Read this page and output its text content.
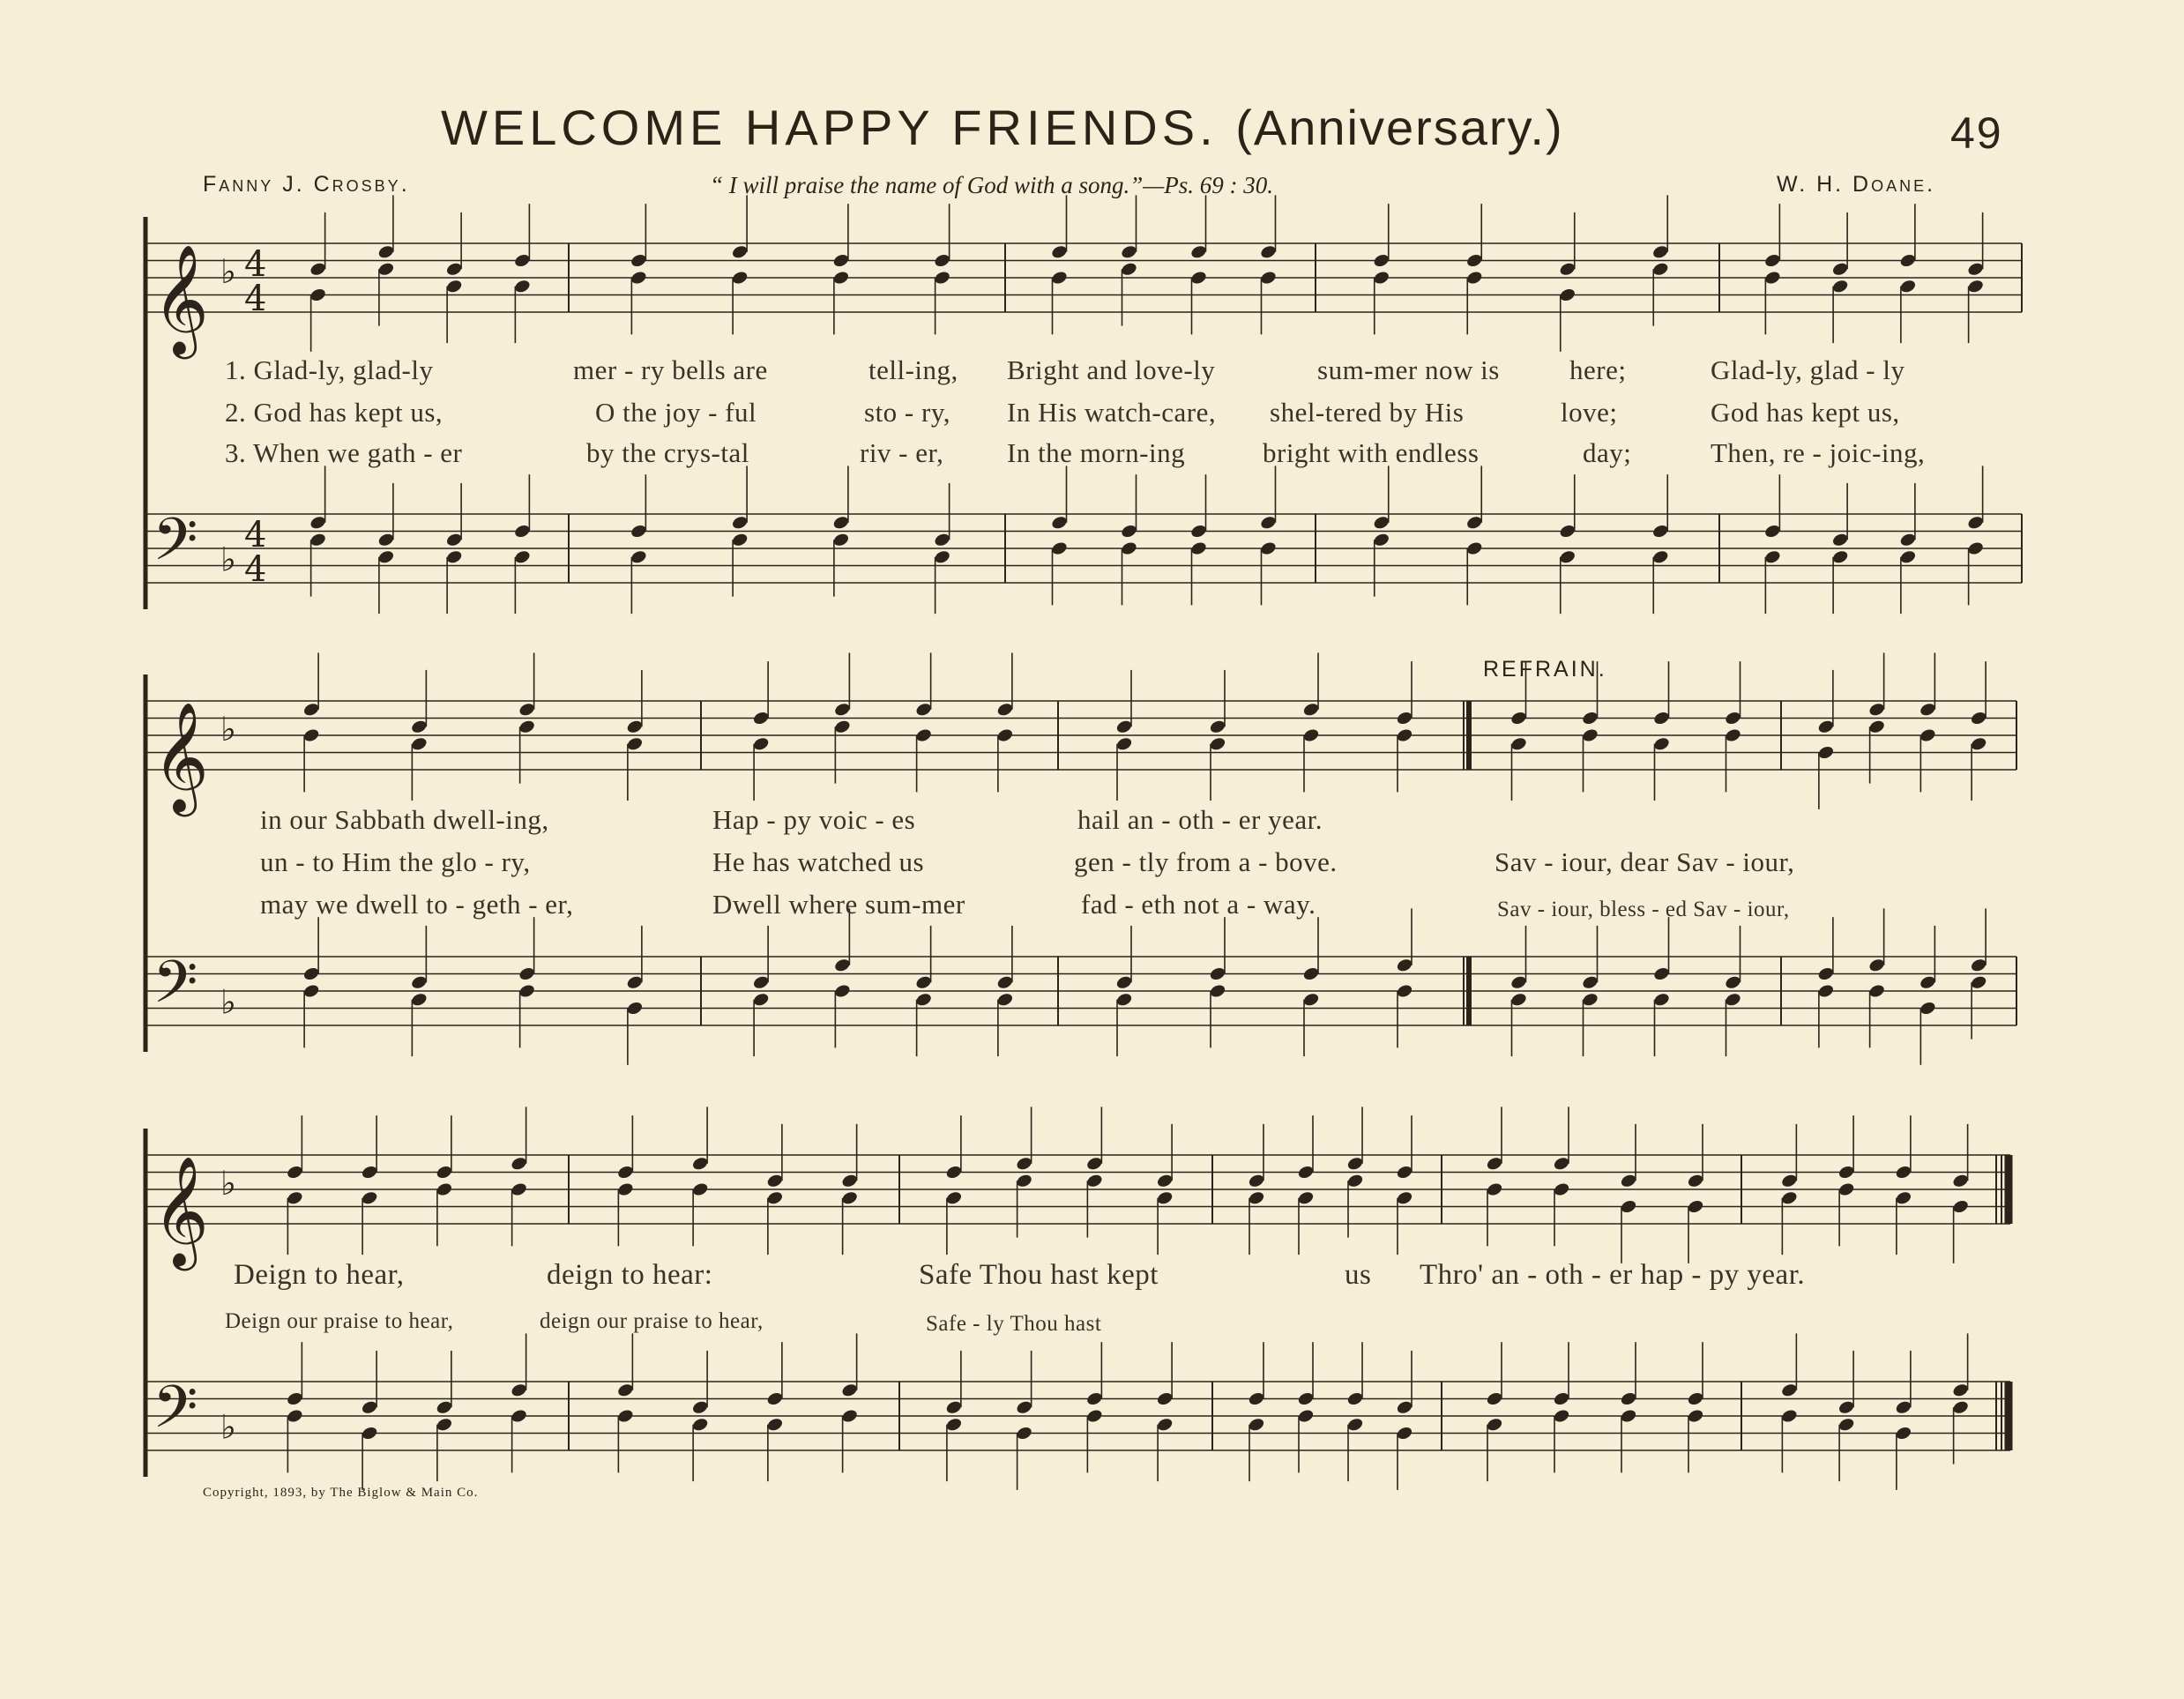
WELCOME HAPPY FRIENDS. (Anniversary.)	49
Fanny J. Crosby.	“ I will praise the name of God with a song.”—Ps. 69 : 30.	W. H. Doane.
𝄞
𝄢
♭
♭
4
4
4
4
𝄞
𝄢
♭
♭
𝄞
𝄢
♭
♭
1. Glad-ly, glad-ly	mer - ry bells are	tell-ing, Bright and love-ly	sum-mer now is	here;	Glad-ly, glad - ly
2. God has kept us,	O the joy - ful	sto - ry, In His watch-care, shel-tered by His	love;	God has kept us,
3. When we gath - er	by the crys-tal	riv - er, In the morn-ing	bright with endless	day;	Then, re - joic-ing,
REFRAIN.
in our Sabbath dwell-ing,	Hap - py voic - es	hail an - oth - er year.
un - to Him the glo - ry,	He has watched us	gen - tly from a - bove.
may we dwell to - geth - er,	Dwell where sum-mer	fad - eth not a - way.
Sav - iour, dear Sav - iour,
Sav - iour, bless - ed Sav - iour,
Deign to hear,	deign to hear:	Safe Thou hast kept	us Thro' an - oth - er hap - py year.
Deign our praise to hear,	deign our praise to hear,	Safe - ly Thou hast
Copyright, 1893, by The Biglow & Main Co.
